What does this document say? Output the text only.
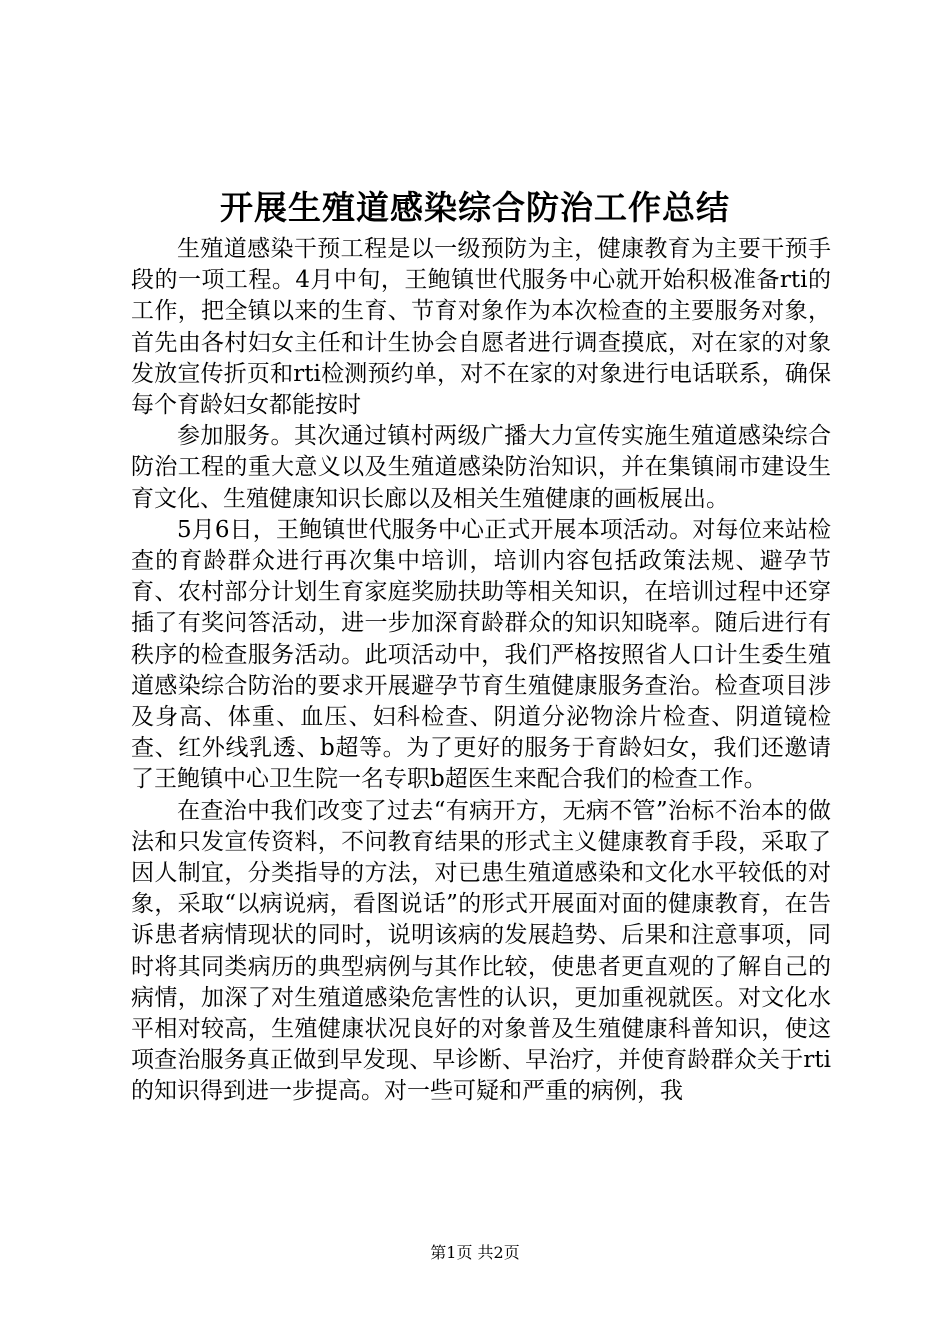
开展生殖道感染综合防治工作总结

生殖道感染干预工程是以一级预防为主，健康教育为主要干预手段的一项工程。4月中旬，王鲍镇世代服务中心就开始积极准备rti的工作，把全镇以来的生育、节育对象作为本次检查的主要服务对象，首先由各村妇女主任和计生协会自愿者进行调查摸底，对在家的对象发放宣传折页和rti检测预约单，对不在家的对象进行电话联系，确保每个育龄妇女都能按时

参加服务。其次通过镇村两级广播大力宣传实施生殖道感染综合防治工程的重大意义以及生殖道感染防治知识，并在集镇闹市建设生育文化、生殖健康知识长廊以及相关生殖健康的画板展出。

5月6日，王鲍镇世代服务中心正式开展本项活动。对每位来站检查的育龄群众进行再次集中培训，培训内容包括政策法规、避孕节育、农村部分计划生育家庭奖励扶助等相关知识，在培训过程中还穿插了有奖问答活动，进一步加深育龄群众的知识知晓率。随后进行有秩序的检查服务活动。此项活动中，我们严格按照省人口计生委生殖道感染综合防治的要求开展避孕节育生殖健康服务查治。检查项目涉及身高、体重、血压、妇科检查、阴道分泌物涂片检查、阴道镜检查、红外线乳透、b超等。为了更好的服务于育龄妇女，我们还邀请了王鲍镇中心卫生院一名专职b超医生来配合我们的检查工作。

在查治中我们改变了过去“有病开方，无病不管”治标不治本的做法和只发宣传资料，不问教育结果的形式主义健康教育手段，采取了因人制宜，分类指导的方法，对已患生殖道感染和文化水平较低的对象，采取“以病说病，看图说话”的形式开展面对面的健康教育，在告诉患者病情现状的同时，说明该病的发展趋势、后果和注意事项，同时将其同类病历的典型病例与其作比较，使患者更直观的了解自己的病情，加深了对生殖道感染危害性的认识，更加重视就医。对文化水平相对较高，生殖健康状况良好的对象普及生殖健康科普知识，使这项查治服务真正做到早发现、早诊断、早治疗，并使育龄群众关于rti的知识得到进一步提高。对一些可疑和严重的病例，我

第1页 共2页
